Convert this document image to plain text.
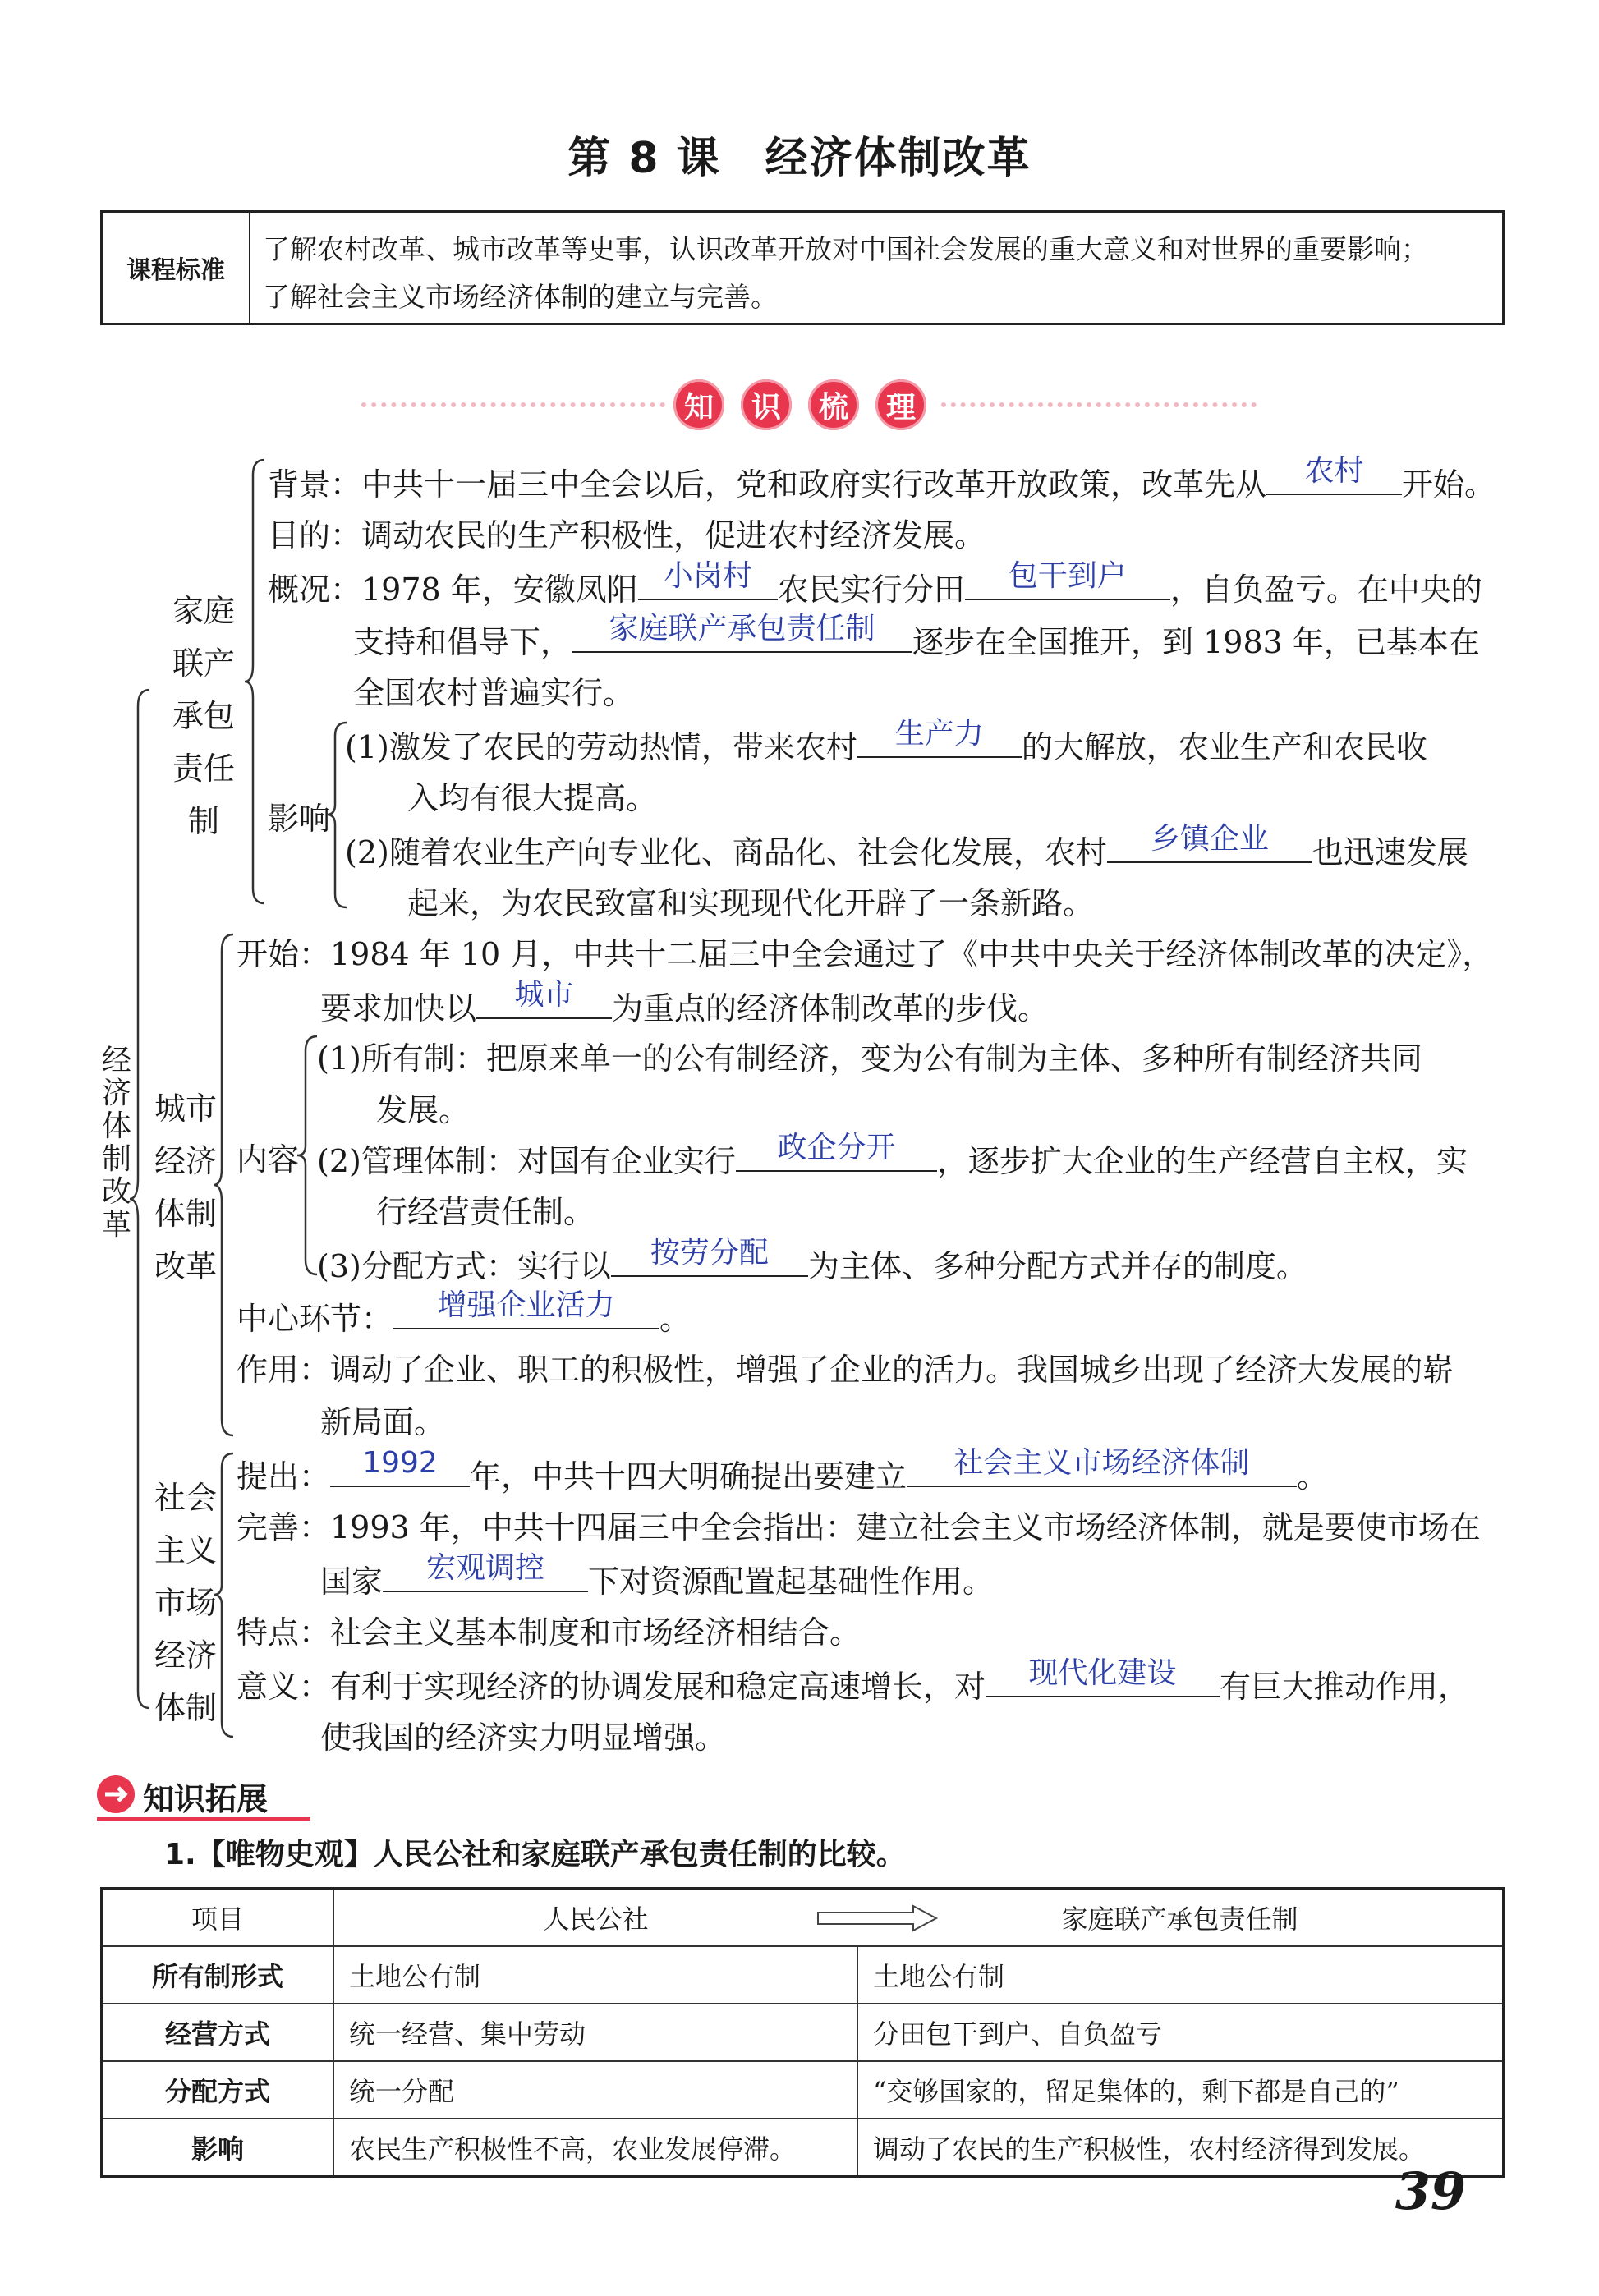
第 8 课　经济体制改革
课程标准
了解农村改革、城市改革等史事，认识改革开放对中国社会发展的重大意义和对世界的重要影响；
了解社会主义市场经济体制的建立与完善。
知	识	梳	理
经济体制改革
家庭
联产
承包
责任制
背景：中共十一届三中全会以后，党和政府实行改革开放政策，改革先从	农村	开始。
目的：调动农民的生产积极性，促进农村经济发展。
概况：1978 年，安徽凤阳 小岗村 农民实行分田	包干到户	，自负盈亏。在中央的
支持和倡导下，	家庭联产承包责任制	逐步在全国推开，到 1983 年，已基本在
全国农村普遍实行。
影响
(1)激发了农民的劳动热情，带来农村	生产力	的大解放，农业生产和农民收
入均有很大提高。
(2)随着农业生产向专业化、商品化、社会化发展，农村	乡镇企业	也迅速发展
起来，为农民致富和实现现代化开辟了一条新路。
城市
经济
体制
改革
开始：1984 年 10 月，中共十二届三中全会通过了《中共中央关于经济体制改革的决定》，
要求加快以	城市	为重点的经济体制改革的步伐。
内容
(1)所有制：把原来单一的公有制经济，变为公有制为主体、多种所有制经济共同
发展。
(2)管理体制：对国有企业实行	政企分开	，逐步扩大企业的生产经营自主权，实
行经营责任制。
(3)分配方式：实行以	按劳分配	为主体、多种分配方式并存的制度。
中心环节：	增强企业活力	。
作用：调动了企业、职工的积极性，增强了企业的活力。我国城乡出现了经济大发展的崭
新局面。
社会
主义
市场
经济
体制
提出：	1992	年，中共十四大明确提出要建立	社会主义市场经济体制	。
完善：1993 年，中共十四届三中全会指出：建立社会主义市场经济体制，就是要使市场在
国家	宏观调控	下对资源配置起基础性作用。
特点：社会主义基本制度和市场经济相结合。
意义：有利于实现经济的协调发展和稳定高速增长，对	现代化建设	有巨大推动作用，
使我国的经济实力明显增强。
知识拓展
1.【唯物史观】人民公社和家庭联产承包责任制的比较。
项目	人民公社	家庭联产承包责任制
所有制形式	土地公有制	土地公有制
经营方式	统一经营、集中劳动	分田包干到户、自负盈亏
分配方式	统一分配	“交够国家的，留足集体的，剩下都是自己的”
影响	农民生产积极性不高，农业发展停滞。	调动了农民的生产积极性，农村经济得到发展。
39
